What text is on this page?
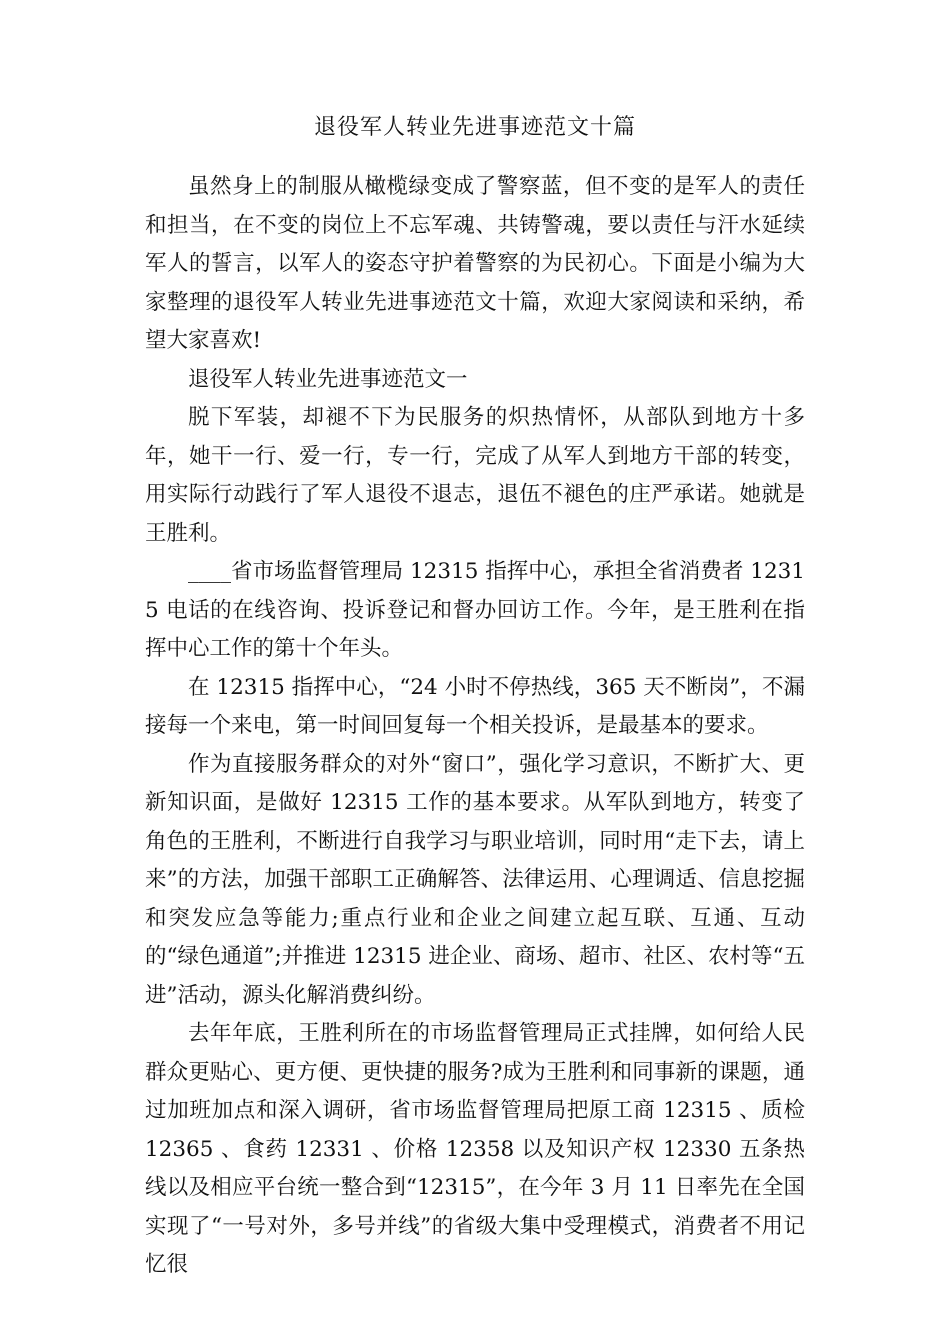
退役军人转业先进事迹范文十篇

虽然身上的制服从橄榄绿变成了警察蓝，但不变的是军人的责任和担当，在不变的岗位上不忘军魂、共铸警魂，要以责任与汗水延续军人的誓言，以军人的姿态守护着警察的为民初心。下面是小编为大家整理的退役军人转业先进事迹范文十篇，欢迎大家阅读和采纳，希望大家喜欢!

退役军人转业先进事迹范文一

脱下军装，却褪不下为民服务的炽热情怀，从部队到地方十多年，她干一行、爱一行，专一行，完成了从军人到地方干部的转变，用实际行动践行了军人退役不退志，退伍不褪色的庄严承诺。她就是王胜利。

____省市场监督管理局 12315 指挥中心，承担全省消费者 12315 电话的在线咨询、投诉登记和督办回访工作。今年，是王胜利在指挥中心工作的第十个年头。

在 12315 指挥中心，“24 小时不停热线，365 天不断岗”，不漏接每一个来电，第一时间回复每一个相关投诉，是最基本的要求。

作为直接服务群众的对外“窗口”，强化学习意识，不断扩大、更新知识面，是做好 12315 工作的基本要求。从军队到地方，转变了角色的王胜利，不断进行自我学习与职业培训，同时用“走下去，请上来”的方法，加强干部职工正确解答、法律运用、心理调适、信息挖掘和突发应急等能力;重点行业和企业之间建立起互联、互通、互动的“绿色通道”;并推进 12315 进企业、商场、超市、社区、农村等“五进”活动，源头化解消费纠纷。

去年年底，王胜利所在的市场监督管理局正式挂牌，如何给人民群众更贴心、更方便、更快捷的服务?成为王胜利和同事新的课题，通过加班加点和深入调研，省市场监督管理局把原工商 12315 、质检 12365 、食药 12331 、价格 12358 以及知识产权 12330 五条热线以及相应平台统一整合到“12315”，在今年 3 月 11 日率先在全国实现了“一号对外，多号并线”的省级大集中受理模式，消费者不用记忆很
